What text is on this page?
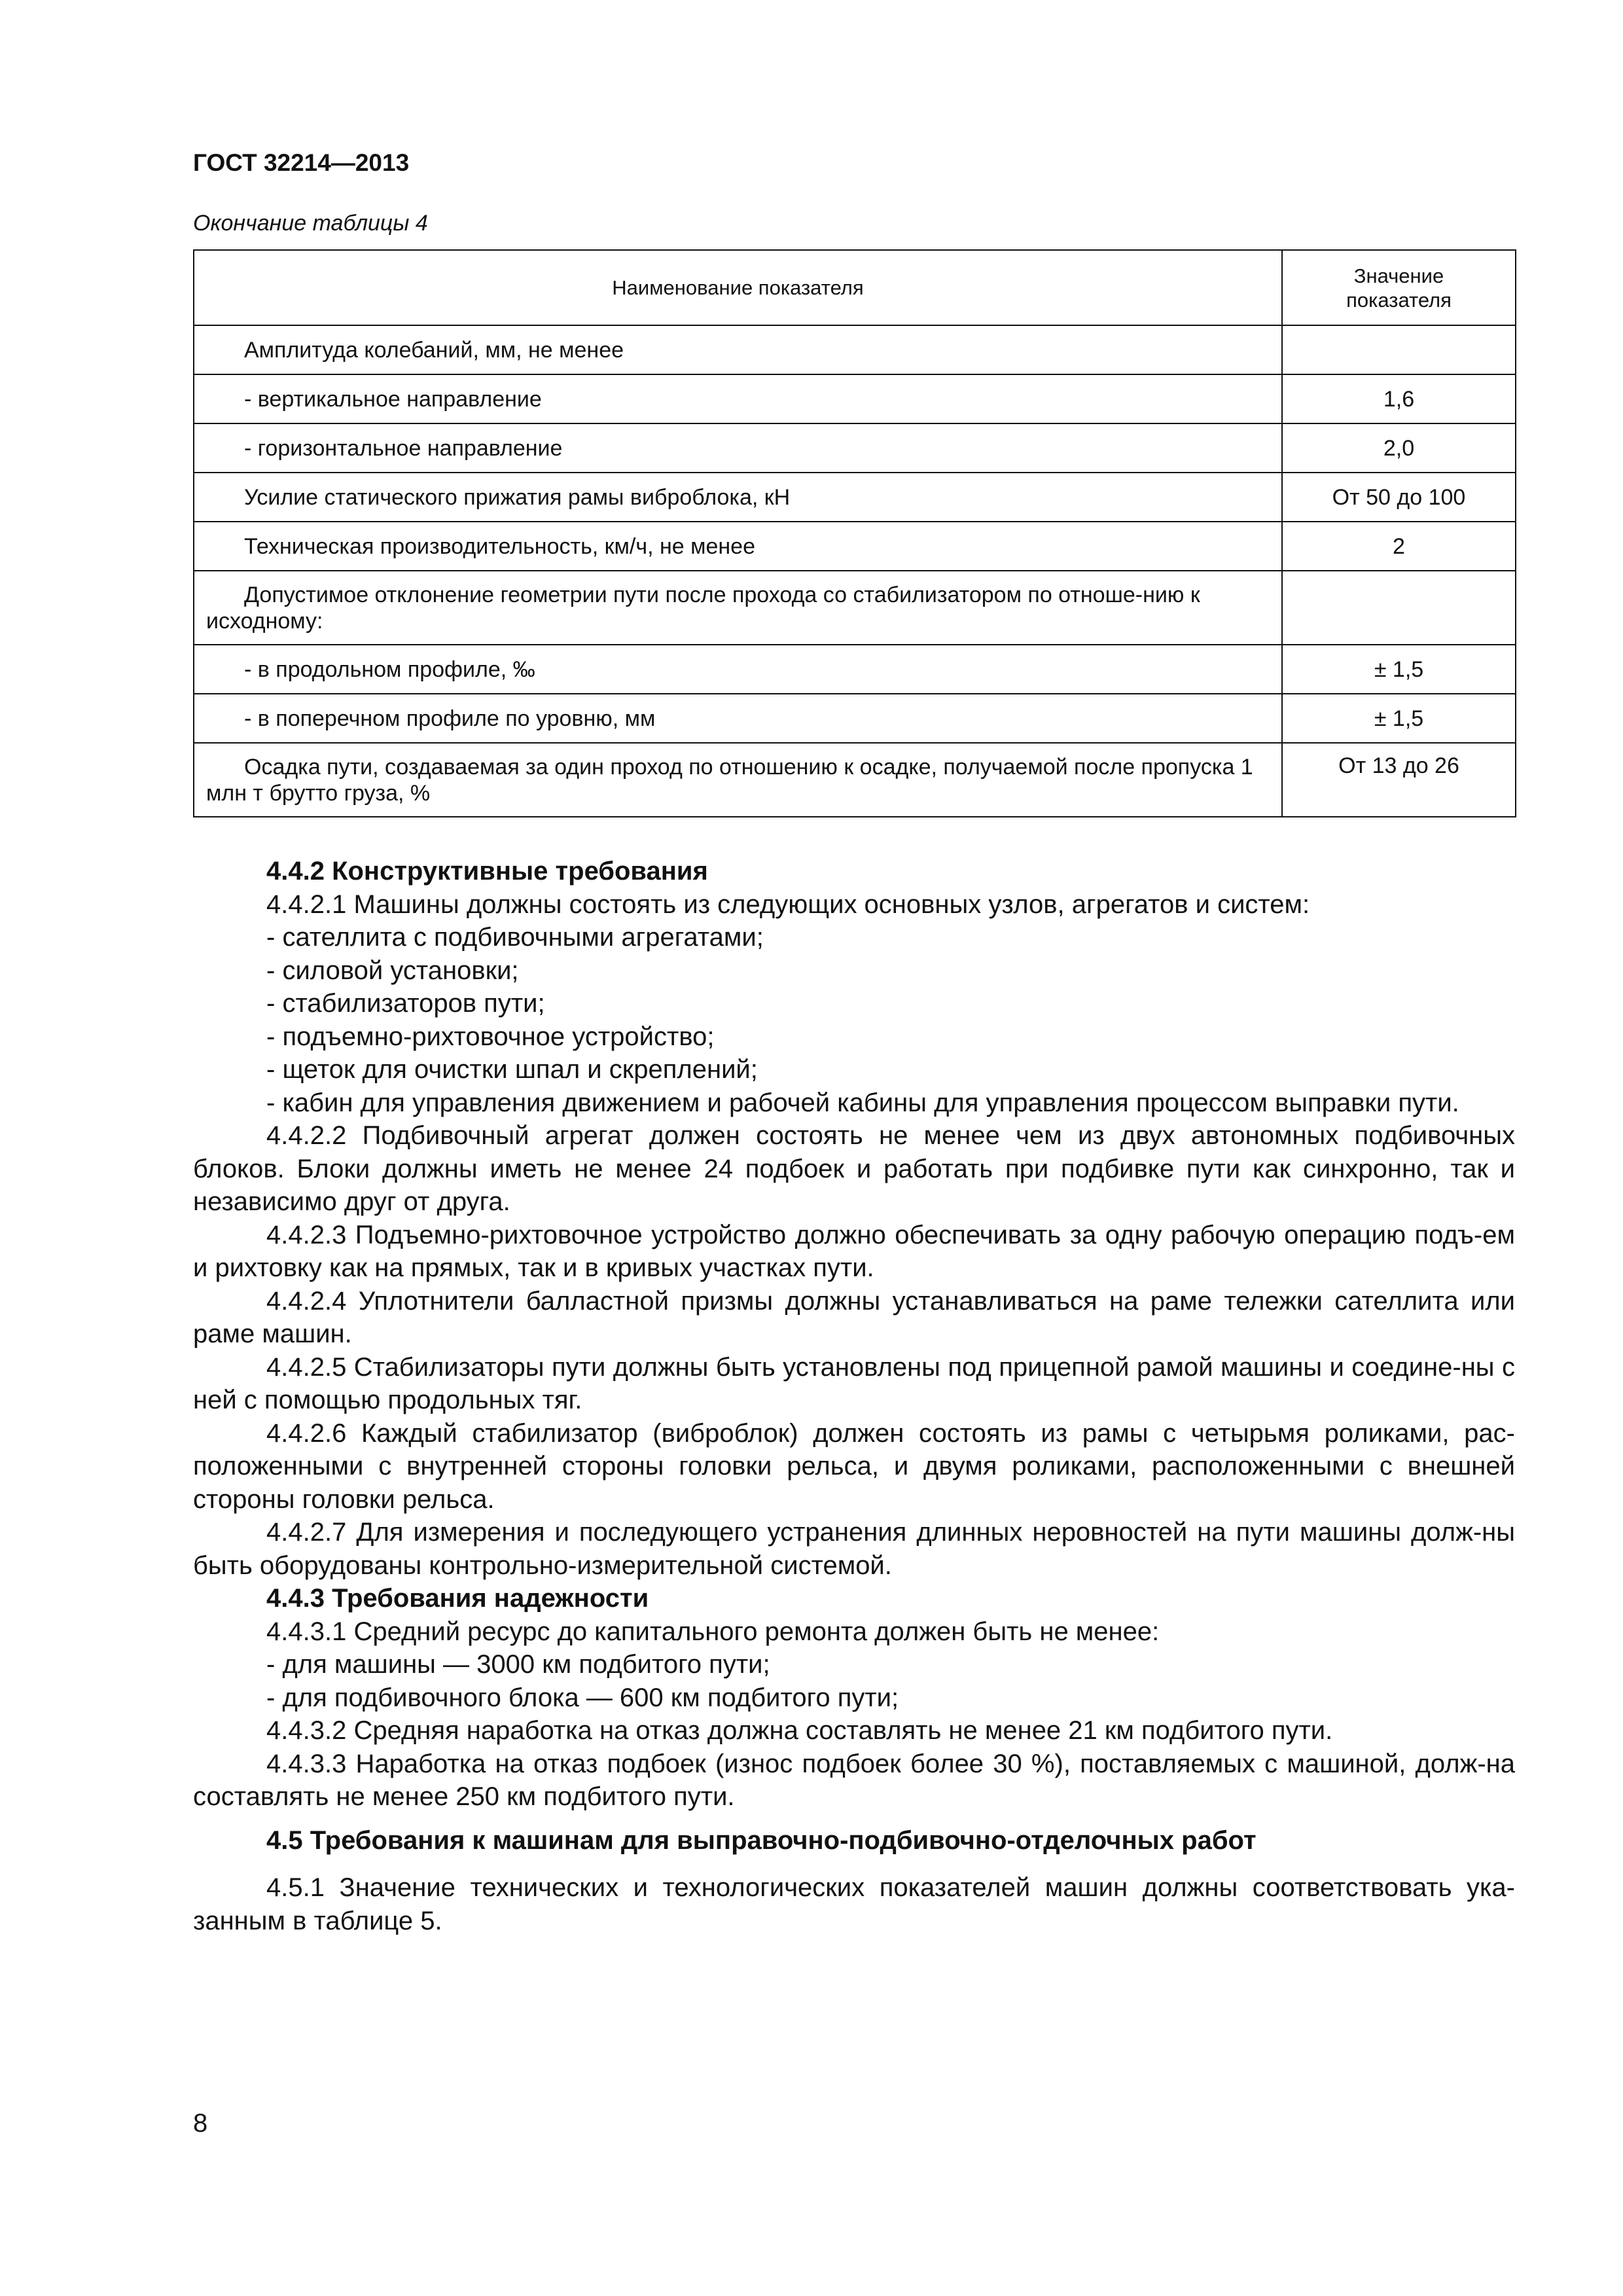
ГОСТ 32214—2013

Окончание таблицы 4

Наименование показателя	Значение показателя
Амплитуда колебаний, мм, не менее	
- вертикальное направление	1,6
- горизонтальное направление	2,0
Усилие статического прижатия рамы виброблока, кН	От 50 до 100
Техническая производительность, км/ч, не менее	2
Допустимое отклонение геометрии пути после прохода со стабилизатором по отноше-нию к исходному:	
- в продольном профиле, ‰	± 1,5
- в поперечном профиле по уровню, мм	± 1,5
Осадка пути, создаваемая за один проход по отношению к осадке, получаемой после пропуска 1 млн т брутто груза, %	От 13 до 26

4.4.2 Конструктивные требования

4.4.2.1 Машины должны состоять из следующих основных узлов, агрегатов и систем:

- сателлита с подбивочными агрегатами;

- силовой установки;

- стабилизаторов пути;

- подъемно-рихтовочное устройство;

- щеток для очистки шпал и скреплений;

- кабин для управления движением и рабочей кабины для управления процессом выправки пути.

4.4.2.2 Подбивочный агрегат должен состоять не менее чем из двух автономных подбивочных блоков. Блоки должны иметь не менее 24 подбоек и работать при подбивке пути как синхронно, так и независимо друг от друга.

4.4.2.3 Подъемно-рихтовочное устройство должно обеспечивать за одну рабочую операцию подъ-ем и рихтовку как на прямых, так и в кривых участках пути.

4.4.2.4 Уплотнители балластной призмы должны устанавливаться на раме тележки сателлита или раме машин.

4.4.2.5 Стабилизаторы пути должны быть установлены под прицепной рамой машины и соедине-ны с ней с помощью продольных тяг.

4.4.2.6 Каждый стабилизатор (виброблок) должен состоять из рамы с четырьмя роликами, рас-положенными с внутренней стороны головки рельса, и двумя роликами, расположенными с внешней стороны головки рельса.

4.4.2.7 Для измерения и последующего устранения длинных неровностей на пути машины долж-ны быть оборудованы контрольно-измерительной системой.

4.4.3 Требования надежности

4.4.3.1 Средний ресурс до капитального ремонта должен быть не менее:

- для машины — 3000 км подбитого пути;

- для подбивочного блока — 600 км подбитого пути;

4.4.3.2 Средняя наработка на отказ должна составлять не менее 21 км подбитого пути.

4.4.3.3 Наработка на отказ подбоек (износ подбоек более 30 %), поставляемых с машиной, долж-на составлять не менее 250 км подбитого пути.

4.5 Требования к машинам для выправочно-подбивочно-отделочных работ

4.5.1 Значение технических и технологических показателей машин должны соответствовать ука-занным в таблице 5.

8
